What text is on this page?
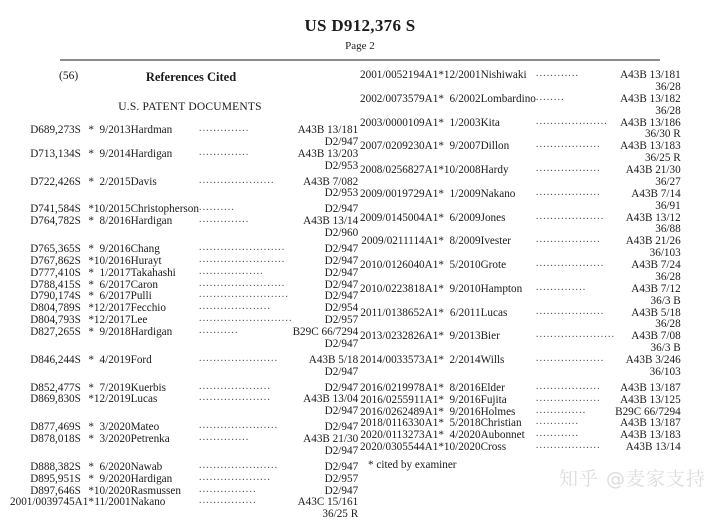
US D912,376 S
Page 2
(56)	References Cited
U.S. PATENT DOCUMENTS
D689,273	S	*	9/2013	Hardman	..............	A43B 13/181
						D2/947
D713,134	S	*	9/2014	Hardigan	..............	A43B 13/203
						D2/953

D722,426	S	*	2/2015	Davis	.....................	A43B 7/082
						D2/953

D741,584	S	*	10/2015	Christopherson	..........	D2/947
D764,782	S	*	8/2016	Hardigan	..............	A43B 13/14
						D2/960

D765,365	S	*	9/2016	Chang	........................	D2/947
D767,862	S	*	10/2016	Hurayt	........................	D2/947
D777,410	S	*	1/2017	Takahashi	..................	D2/947
D788,415	S	*	6/2017	Caron	........................	D2/947
D790,174	S	*	6/2017	Pulli	.........................	D2/947
D804,789	S	*	12/2017	Fecchio	....................	D2/954
D804,793	S	*	12/2017	Lee	..........................	D2/957
D827,265	S	*	9/2018	Hardigan	...........	B29C 66/7294
						D2/947

D846,244	S	*	4/2019	Ford	......................	A43B 5/18
						D2/947

D852,477	S	*	7/2019	Kuerbis	....................	D2/947
D869,830	S	*	12/2019	Lucas	....................	A43B 13/04
						D2/947

D877,469	S	*	3/2020	Mateo	......................	D2/947
D878,018	S	*	3/2020	Petrenka	..............	A43B 21/30
						D2/947

D888,382	S	*	6/2020	Nawab	......................	D2/947
D895,951	S	*	9/2020	Hardigan	....................	D2/957
D897,646	S	*	10/2020	Rasmussen	................	D2/947
2001/0039745	A1	*	11/2001	Nakano	................	A43C 15/161
						36/25 R
2001/0052194	A1	*	12/2001	Nishiwaki	............	A43B 13/181
						36/28
2002/0073579	A1	*	6/2002	Lombardino	........	A43B 13/182
						36/28
2003/0000109	A1	*	1/2003	Kita	....................	A43B 13/186
						36/30 R
2007/0209230	A1	*	9/2007	Dillon	..................	A43B 13/183
						36/25 R
2008/0256827	A1	*	10/2008	Hardy	..................	A43B 21/30
						36/27
2009/0019729	A1	*	1/2009	Nakano	..................	A43B 7/14
						36/91
2009/0145004	A1	*	6/2009	Jones	...................	A43B 13/12
						36/88
2009/0211114	A1	*	8/2009	Ivester	..................	A43B 21/26
						36/103
2010/0126040	A1	*	5/2010	Grote	...................	A43B 7/24
						36/28
2010/0223818	A1	*	9/2010	Hampton	..............	A43B 7/12
						36/3 B
2011/0138652	A1	*	6/2011	Lucas	...................	A43B 5/18
						36/28
2013/0232826	A1	*	9/2013	Bier	......................	A43B 7/08
						36/3 B
2014/0033573	A1	*	2/2014	Wills	...................	A43B 3/246
						36/103

2016/0219978	A1	*	8/2016	Elder	..................	A43B 13/187
2016/0255911	A1	*	9/2016	Fujita	..................	A43B 13/125
2016/0262489	A1	*	9/2016	Holmes	..............	B29C 66/7294
2018/0116330	A1	*	5/2018	Christian	............	A43B 13/187
2020/0113273	A1	*	4/2020	Aubonnet	............	A43B 13/183
2020/0305544	A1	*	10/2020	Cross	..................	A43B 13/14
* cited by examiner
知乎 @麦家支持
